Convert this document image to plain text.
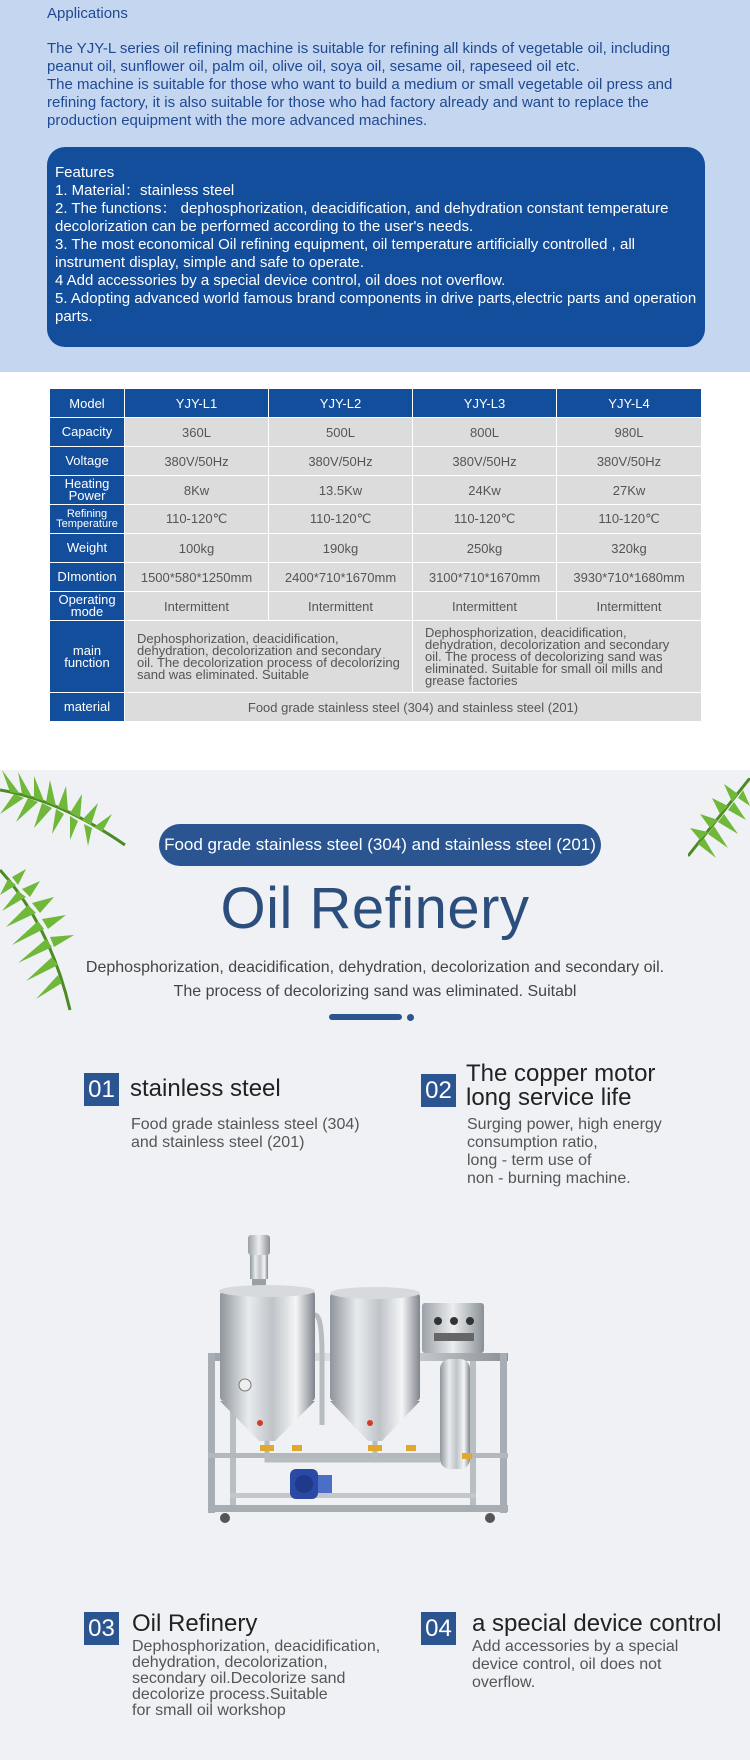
Applications

The YJY-L series oil refining machine is suitable for refining all kinds of vegetable oil, including peanut oil, sunflower oil, palm oil, olive oil, soya oil, sesame oil, rapeseed oil etc.

The machine is suitable for those who want to build a medium or small vegetable oil press and refining factory, it is also suitable for those who had factory already and want to replace the production equipment with the more advanced machines.

Features
1. Material：stainless steel
2. The functions： dephosphorization, deacidification, and dehydration constant temperature decolorization can be performed according to the user's needs.
3. The most economical Oil refining equipment, oil temperature artificially controlled , all instrument display, simple and safe to operate.
4 Add accessories by a special device control, oil does not overflow.
5. Adopting advanced world famous brand components in drive parts,electric parts and operation parts.
Model	YJY-L1	YJY-L2	YJY-L3	YJY-L4
Capacity	360L	500L	800L	980L
Voltage	380V/50Hz	380V/50Hz	380V/50Hz	380V/50Hz
Heating Power	8Kw	13.5Kw	24Kw	27Kw
Refining Temperature	110-120℃	110-120℃	110-120℃	110-120℃
Weight	100kg	190kg	250kg	320kg
DImontion	1500*580*1250mm	2400*710*1670mm	3100*710*1670mm	3930*710*1680mm
Operating mode	Intermittent	Intermittent	Intermittent	Intermittent
main function	Dephosphorization, deacidification, dehydration, decolorization and secondary oil. The decolorization process of decolorizing sand was eliminated. Suitable		Dephosphorization, deacidification, dehydration, decolorization and secondary oil. The process of decolorizing sand was eliminated. Suitable for small oil mills and grease factories	
material	Food grade stainless steel (304) and stainless steel (201)			
Food grade stainless steel (304) and stainless steel (201)
Oil Refinery
Dephosphorization, deacidification, dehydration, decolorization and secondary oil.
The process of decolorizing sand was eliminated. Suitabl
01 stainless steel
Food grade stainless steel (304)
and stainless steel (201)
02
The copper motor
long service life
Surging power, high energy
consumption ratio,
long - term use of
non - burning machine.
03 Oil Refinery
Dephosphorization, deacidification,
dehydration, decolorization,
secondary oil.Decolorize sand
decolorize process.Suitable
for small oil workshop
04 a special device control
Add accessories by a special
device control, oil does not
overflow.
